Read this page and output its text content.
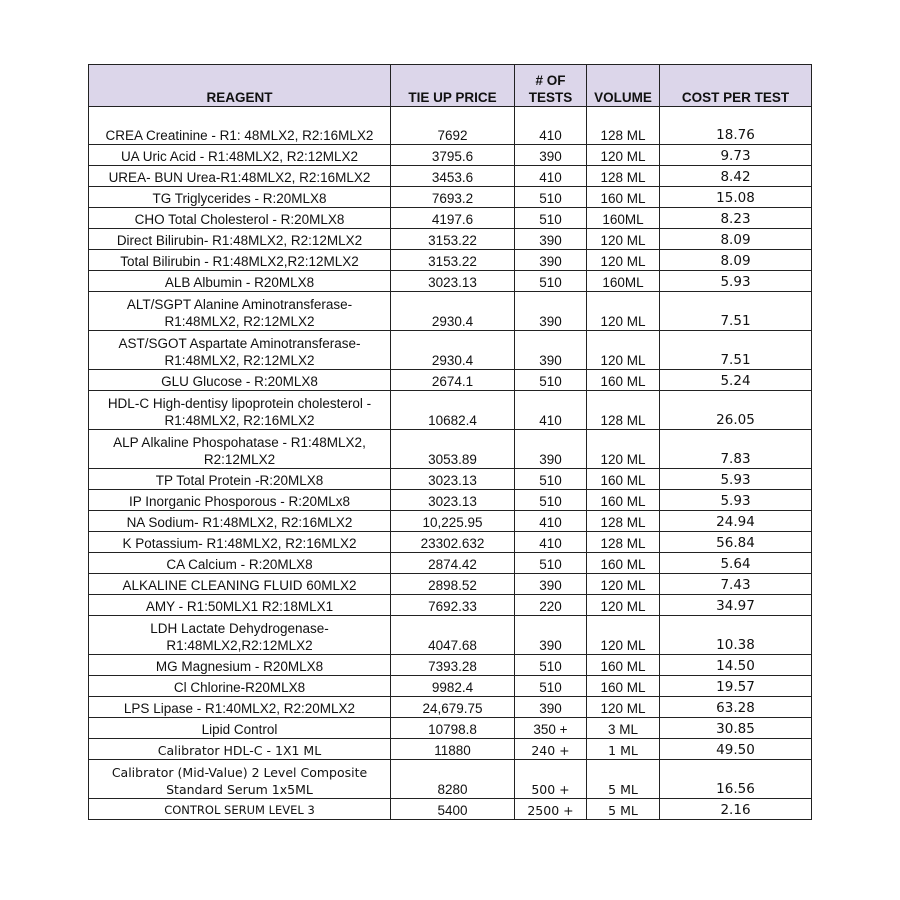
REAGENT	TIE UP PRICE	# OF TESTS	VOLUME	COST PER TEST
CREA Creatinine - R1: 48MLX2, R2:16MLX2	7692	410	128 ML	18.76
UA Uric Acid - R1:48MLX2, R2:12MLX2	3795.6	390	120 ML	9.73
UREA- BUN Urea-R1:48MLX2, R2:16MLX2	3453.6	410	128 ML	8.42
TG Triglycerides - R:20MLX8	7693.2	510	160 ML	15.08
CHO Total Cholesterol - R:20MLX8	4197.6	510	160ML	8.23
Direct Bilirubin- R1:48MLX2, R2:12MLX2	3153.22	390	120 ML	8.09
Total Bilirubin - R1:48MLX2,R2:12MLX2	3153.22	390	120 ML	8.09
ALB Albumin - R20MLX8	3023.13	510	160ML	5.93
ALT/SGPT Alanine Aminotransferase- R1:48MLX2, R2:12MLX2	2930.4	390	120 ML	7.51
AST/SGOT Aspartate Aminotransferase- R1:48MLX2, R2:12MLX2	2930.4	390	120 ML	7.51
GLU Glucose - R:20MLX8	2674.1	510	160 ML	5.24
HDL-C High-dentisy lipoprotein cholesterol - R1:48MLX2, R2:16MLX2	10682.4	410	128 ML	26.05
ALP Alkaline Phospohatase - R1:48MLX2, R2:12MLX2	3053.89	390	120 ML	7.83
TP Total Protein -R:20MLX8	3023.13	510	160 ML	5.93
IP Inorganic Phosporous - R:20MLx8	3023.13	510	160 ML	5.93
NA Sodium- R1:48MLX2, R2:16MLX2	10,225.95	410	128 ML	24.94
K Potassium- R1:48MLX2, R2:16MLX2	23302.632	410	128 ML	56.84
CA Calcium - R:20MLX8	2874.42	510	160 ML	5.64
ALKALINE CLEANING FLUID 60MLX2	2898.52	390	120 ML	7.43
AMY - R1:50MLX1 R2:18MLX1	7692.33	220	120 ML	34.97
LDH Lactate Dehydrogenase- R1:48MLX2,R2:12MLX2	4047.68	390	120 ML	10.38
MG Magnesium - R20MLX8	7393.28	510	160 ML	14.50
Cl Chlorine-R20MLX8	9982.4	510	160 ML	19.57
LPS Lipase - R1:40MLX2, R2:20MLX2	24,679.75	390	120 ML	63.28
Lipid Control	10798.8	350 +	3 ML	30.85
Calibrator HDL-C - 1X1 ML	11880	240 +	1 ML	49.50
Calibrator (Mid-Value) 2 Level Composite Standard Serum 1x5ML	8280	500 +	5 ML	16.56
CONTROL SERUM LEVEL 3	5400	2500 +	5 ML	2.16
